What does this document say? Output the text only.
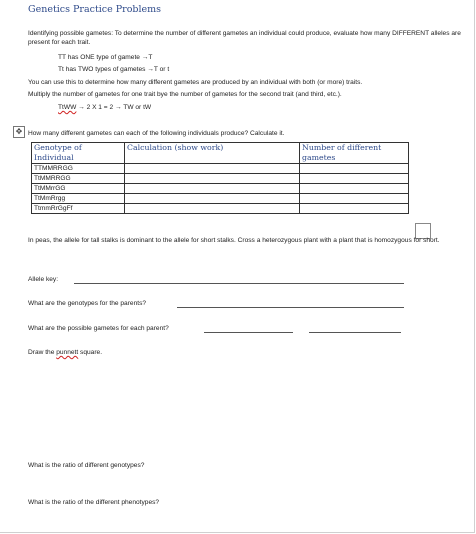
Genetics Practice Problems
Identifying possible gametes: To determine the number of different gametes an individual could produce, evaluate how many DIFFERENT alleles are present for each trait.
TT has ONE type of gamete →T
Tt has TWO types of gametes →T or t
You can use this to determine how many different gametes are produced by an individual with both (or more) traits.
Multiply the number of gametes for one trait bye the number of gametes for the second trait (and third, etc.).
TtWW → 2 X 1 = 2 → TW or tW
✥ How many different gametes can each of the following individuals produce? Calculate it.
Genotype of Individual	Calculation (show work)	Number of different gametes
TTMMRRGG		
TtMMRRGG		
TtMMrrGG		
TtMmRrgg		
TtmmRrGgFf		
In peas, the allele for tall stalks is dominant to the allele for short stalks. Cross a heterozygous plant with a plant that is homozygous for short.
Allele key:
What are the genotypes for the parents?
What are the possible gametes for each parent?
Draw the punnett square.
What is the ratio of different genotypes?
What is the ratio of the different phenotypes?
